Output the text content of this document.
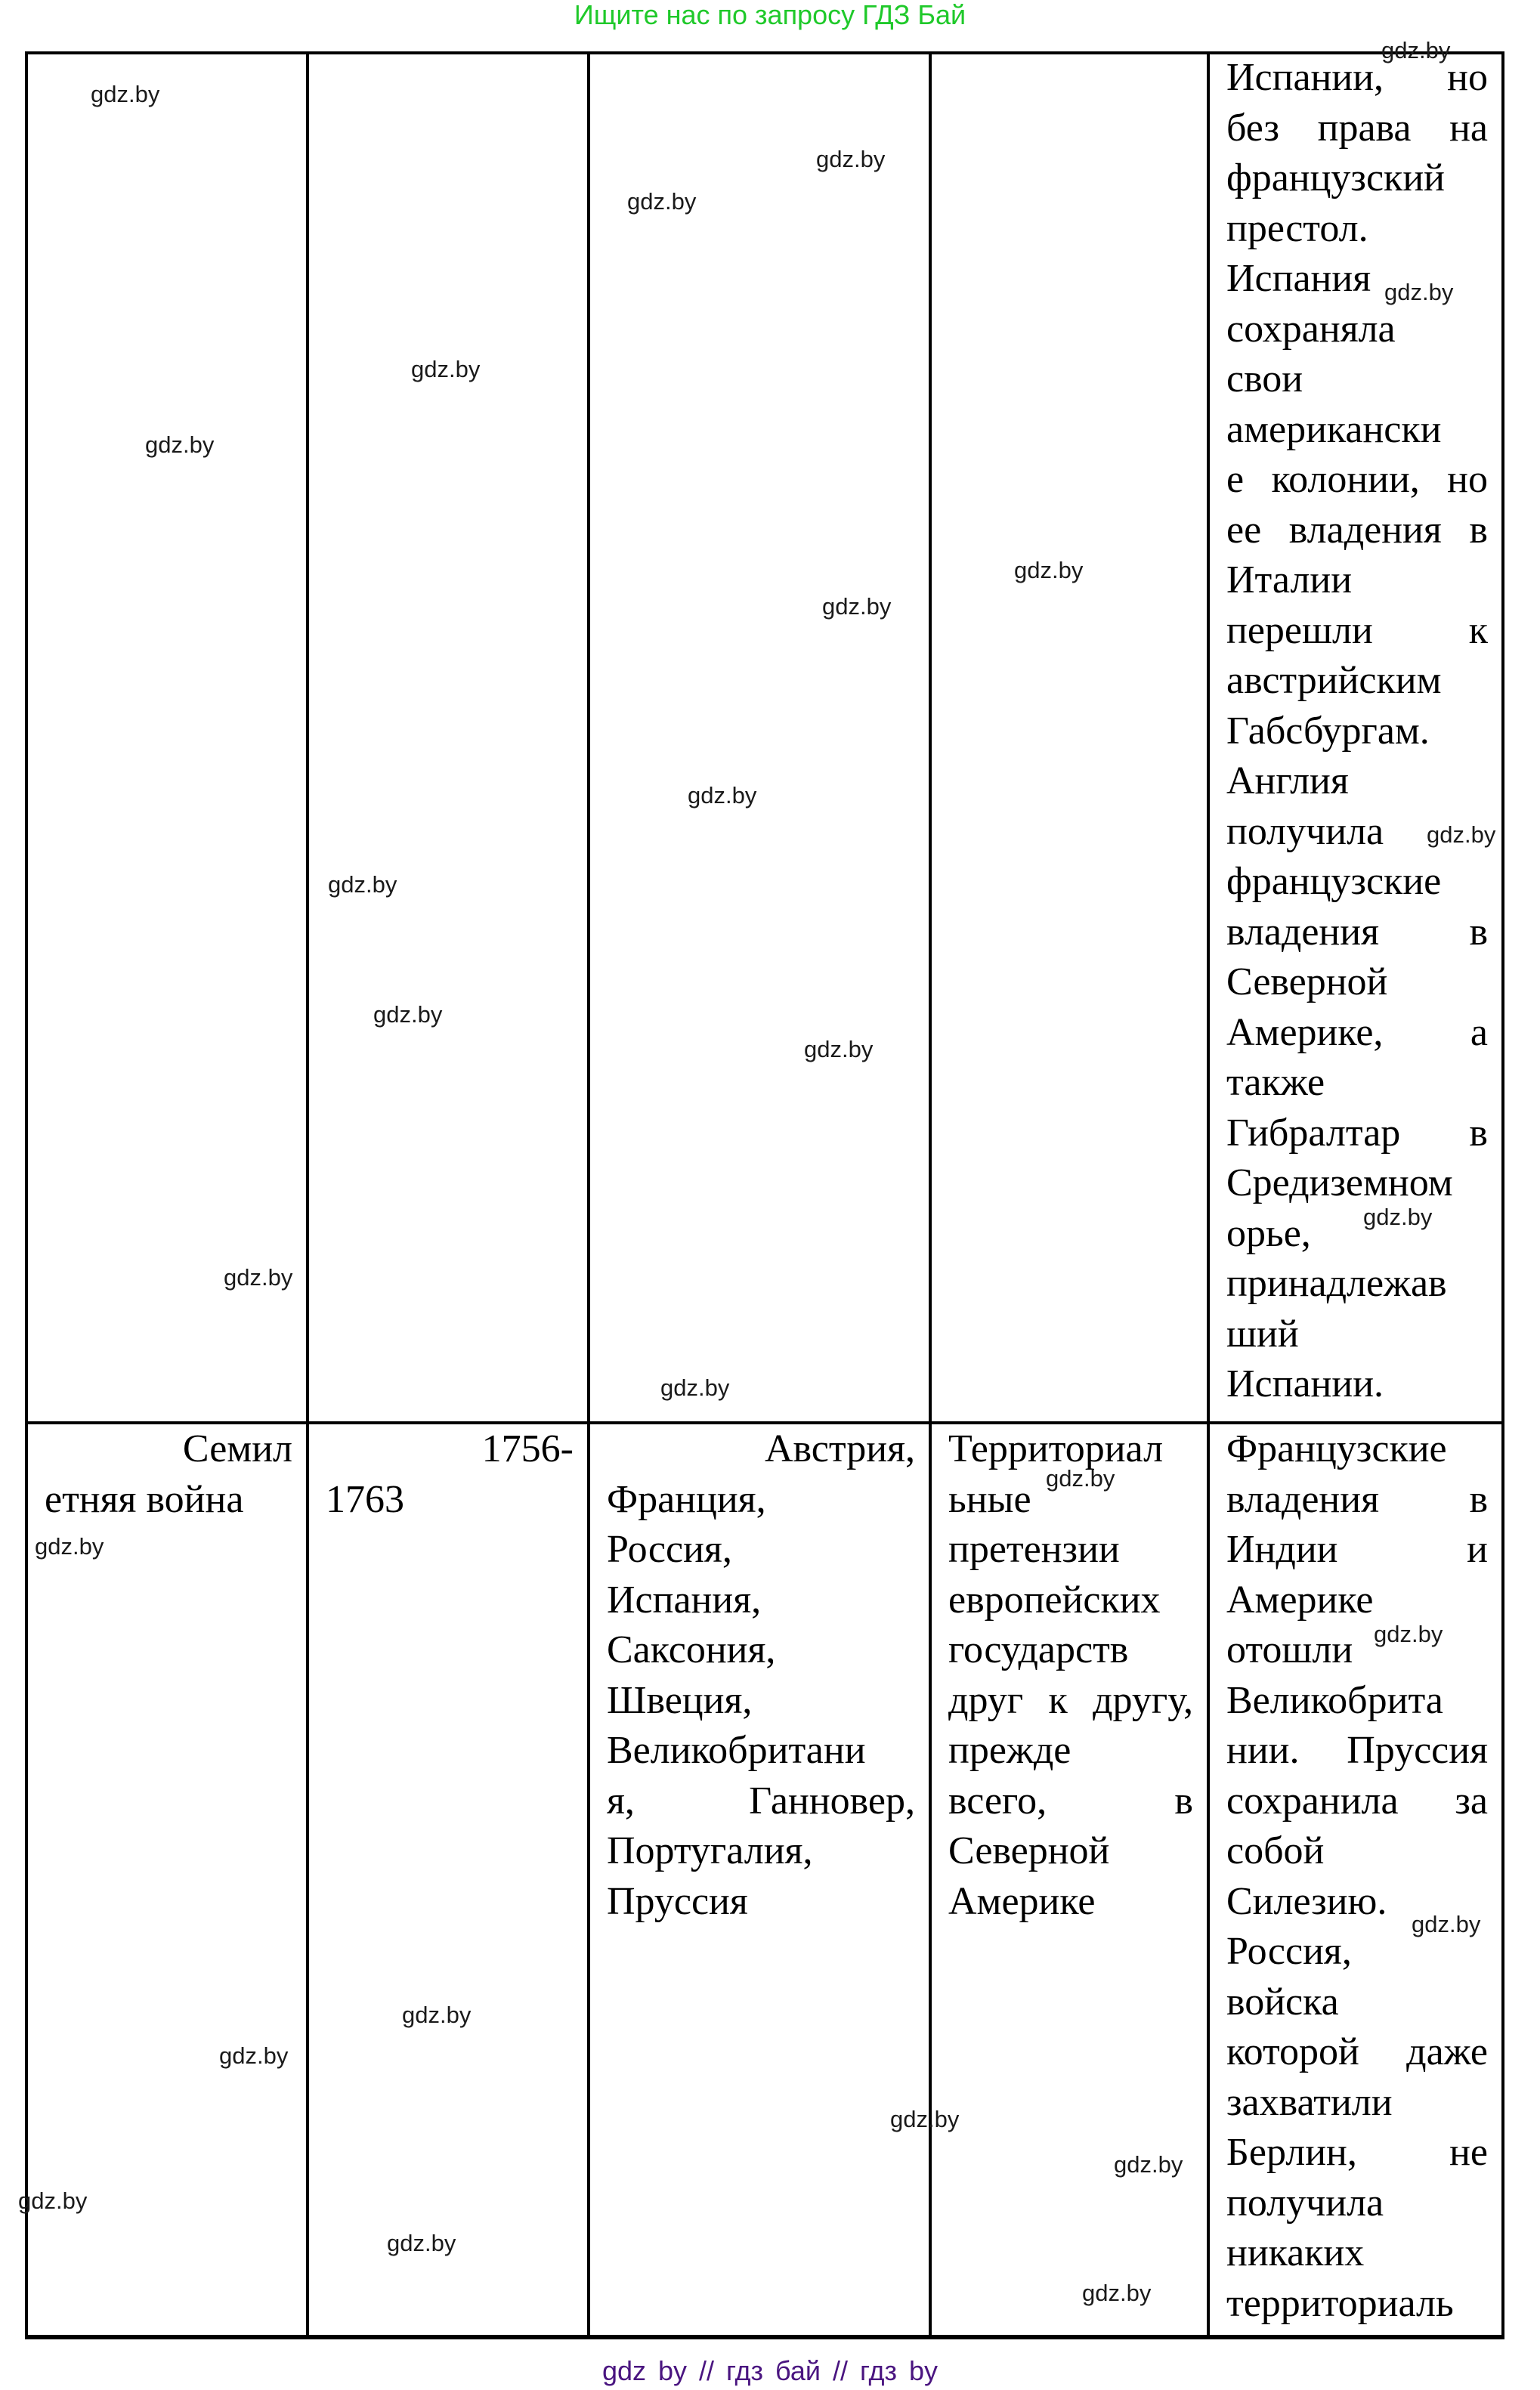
Ищите нас по запросу ГДЗ Бай
Испании, но
без права на
французский
престол.
Испания
сохраняла
свои
американски
е колонии, но
ее владения в
Италии
перешли к
австрийским
Габсбургам.
Англия
получила
французские
владения в
Северной
Америке, а
также
Гибралтар в
Средиземном
орье,
принадлежав
ший
Испании.
Семил
етняя война
1756-
1763
Австрия,
Франция,
Россия,
Испания,
Саксония,
Швеция,
Великобритани
я, Ганновер,
Португалия,
Пруссия
Территориал
ьные
претензии
европейских
государств
друг к другу,
прежде
всего, в
Северной
Америке
Французские
владения в
Индии и
Америке
отошли
Великобрита
нии. Пруссия
сохранила за
собой
Силезию.
Россия,
войска
которой даже
захватили
Берлин, не
получила
никаких
территориаль
gdz.by
gdz.by
gdz.by
gdz.by
gdz.by
gdz.by
gdz.by
gdz.by
gdz.by
gdz.by
gdz.by
gdz.by
gdz.by
gdz.by
gdz.by
gdz.by
gdz.by
gdz.by
gdz.by
gdz.by
gdz.by
gdz.by
gdz.by
gdz.by
gdz.by
gdz.by
gdz.by
gdz.by
gdz by // гдз бай // гдз by
